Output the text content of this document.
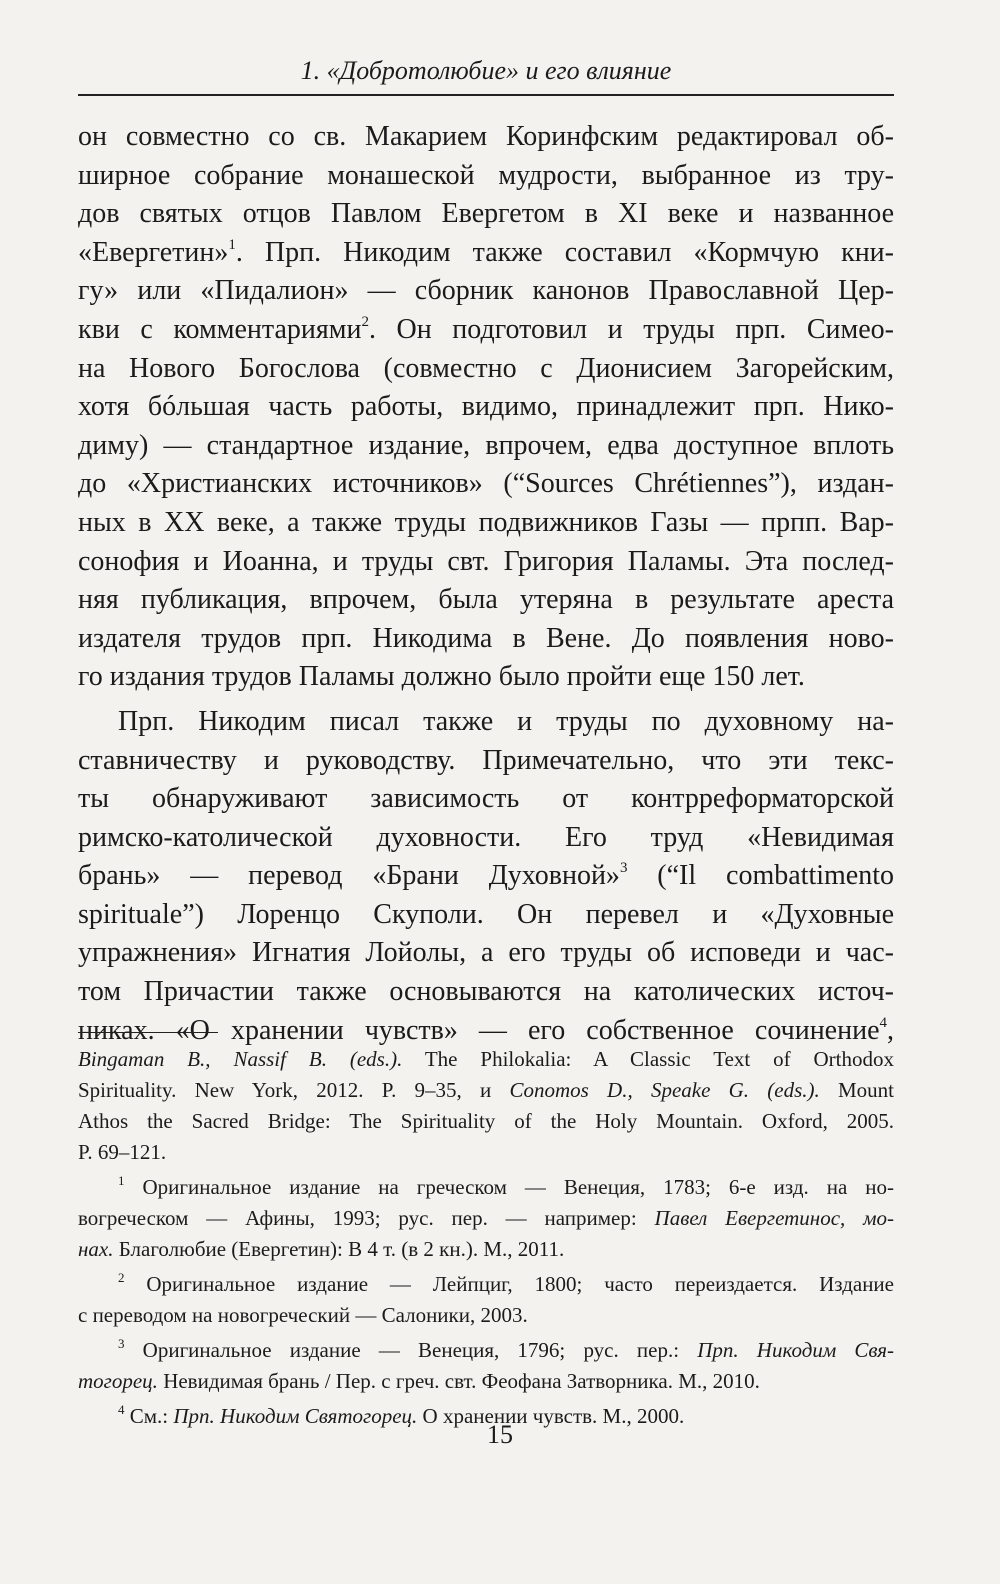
1. «Добротолюбие» и его влияние
он совместно со св. Макарием Коринфским редактировал об-
ширное собрание монашеской мудрости, выбранное из тру-
дов святых отцов Павлом Евергетом в XI веке и названное
«Евергетин»$^1$. Прп. Никодим также составил «Кормчую кни-
гу» или «Пидалион» — сборник канонов Православной Цер-
кви с комментариями$^2$. Он подготовил и труды прп. Симео-
на Нового Богослова (совместно с Дионисием Загорейским,
хотя бóльшая часть работы, видимо, принадлежит прп. Нико-
диму) — стандартное издание, впрочем, едва доступное вплоть
до «Христианских источников» (“Sources Chrétiennes”), издан-
ных в XX веке, а также труды подвижников Газы — прпп. Вар-
сонофия и Иоанна, и труды свт. Григория Паламы. Эта послед-
няя публикация, впрочем, была утеряна в результате ареста
издателя трудов прп. Никодима в Вене. До появления ново-
го издания трудов Паламы должно было пройти еще 150 лет.
Прп. Никодим писал также и труды по духовному на-
ставничеству и руководству. Примечательно, что эти текс-
ты обнаруживают зависимость от контрреформаторской
римско-католической духовности. Его труд «Невидимая
брань» — перевод «Брани Духовной»$^3$ (“Il combattimento
spirituale”) Лоренцо Скуполи. Он перевел и «Духовные
упражнения» Игнатия Лойолы, а его труды об исповеди и час-
том Причастии также основываются на католических источ-
никах. «О хранении чувств» — его собственное сочинение$^4$,
Bingaman B., Nassif B. (eds.). The Philokalia: A Classic Text of Orthodox
Spirituality. New York, 2012. P. 9–35, и Conomos D., Speake G. (eds.). Mount
Athos the Sacred Bridge: The Spirituality of the Holy Mountain. Oxford, 2005.
P. 69–121.
$^1$ Оригинальное издание на греческом — Венеция, 1783; 6-е изд. на но-
вогреческом — Афины, 1993; рус. пер. — например: Павел Евергетинос, мо-
нах. Благолюбие (Евергетин): В 4 т. (в 2 кн.). М., 2011.
$^2$ Оригинальное издание — Лейпциг, 1800; часто переиздается. Издание
с переводом на новогреческий — Салоники, 2003.
$^3$ Оригинальное издание — Венеция, 1796; рус. пер.: Прп. Никодим Свя-
тогорец. Невидимая брань / Пер. с греч. свт. Феофана Затворника. М., 2010.
$^4$ См.: Прп. Никодим Святогорец. О хранении чувств. М., 2000.
15
